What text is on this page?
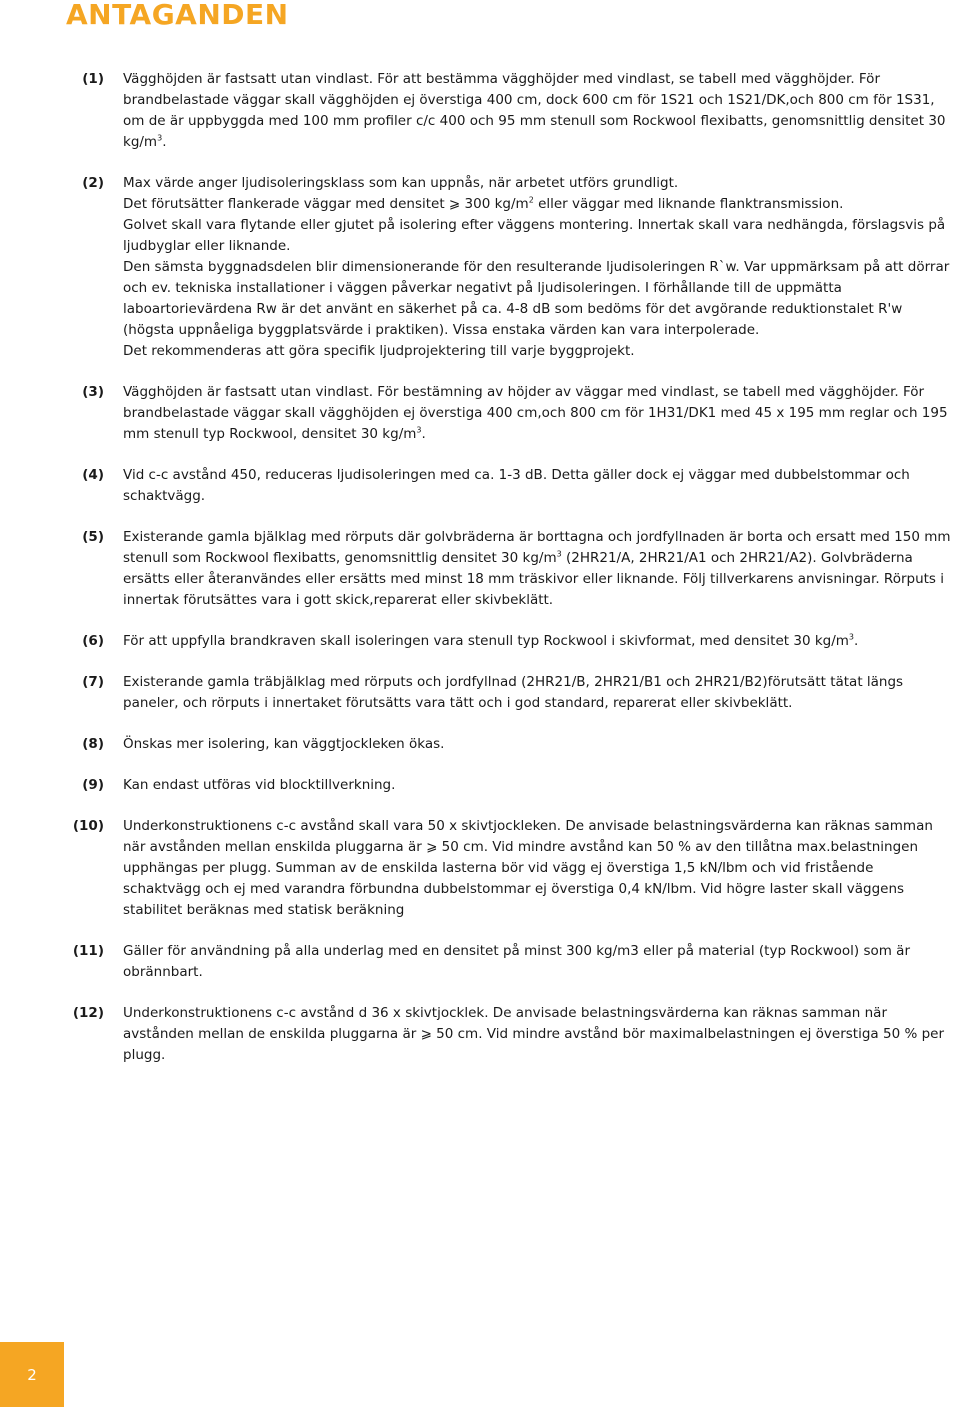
ANTAGANDEN
(1) Vägghöjden är fastsatt utan vindlast. För att bestämma vägghöjder med vindlast, se tabell med vägghöjder. För brandbelastade väggar skall vägghöjden ej överstiga 400 cm, dock 600 cm för 1S21 och 1S21/DK,och 800 cm för 1S31, om de är uppbyggda med 100 mm profiler c/c 400 och 95 mm stenull som Rockwool flexibatts, genomsnittlig densitet 30 $kg/m^3$.

(2) Max värde anger ljudisoleringsklass som kan uppnås, när arbetet utförs grundligt.

Det förutsätter flankerade väggar med densitet ⩾ 300 $kg/m^2$ eller väggar med liknande flanktransmission.

Golvet skall vara flytande eller gjutet på isolering efter väggens montering. Innertak skall vara nedhängda, förslagsvis på ljudbyglar eller liknande.

Den sämsta byggnadsdelen blir dimensionerande för den resulterande ljudisoleringen R`w. Var uppmärksam på att dörrar och ev. tekniska installationer i väggen påverkar negativt på ljudisoleringen. I förhållande till de uppmätta laboartorievärdena Rw är det använt en säkerhet på ca. 4-8 dB som bedöms för det avgörande reduktionstalet R'w (högsta uppnåeliga byggplatsvärde i praktiken). Vissa enstaka värden kan vara interpolerade.

Det rekommenderas att göra specifik ljudprojektering till varje byggprojekt.

(3) Vägghöjden är fastsatt utan vindlast. För bestämning av höjder av väggar med vindlast, se tabell med vägghöjder. För brandbelastade väggar skall vägghöjden ej överstiga 400 cm,och 800 cm för 1H31/DK1 med 45 x 195 mm reglar och 195 mm stenull typ Rockwool, densitet 30 $kg/m^3$.

(4) Vid c-c avstånd 450, reduceras ljudisoleringen med ca. 1-3 dB. Detta gäller dock ej väggar med dubbelstommar och schaktvägg.

(5) Existerande gamla bjälklag med rörputs där golvbräderna är borttagna och jordfyllnaden är borta och ersatt med 150 mm stenull som Rockwool flexibatts, genomsnittlig densitet 30 $kg/m^3$ (2HR21/A, 2HR21/A1 och 2HR21/A2). Golvbräderna ersätts eller återanvändes eller ersätts med minst 18 mm träskivor eller liknande. Följ tillverkarens anvisningar. Rörputs i innertak förutsättes vara i gott skick,reparerat eller skivbeklätt.

(6) För att uppfylla brandkraven skall isoleringen vara stenull typ Rockwool i skivformat, med densitet 30 $kg/m^3$.

(7) Existerande gamla träbjälklag med rörputs och jordfyllnad (2HR21/B, 2HR21/B1 och 2HR21/B2)förutsätt tätat längs paneler, och rörputs i innertaket förutsätts vara tätt och i god standard, reparerat eller skivbeklätt.

(8) Önskas mer isolering, kan väggtjockleken ökas.

(9) Kan endast utföras vid blocktillverkning.

(10) Underkonstruktionens c-c avstånd skall vara 50 x skivtjockleken. De anvisade belastningsvärderna kan räknas samman när avstånden mellan enskilda pluggarna är ⩾ 50 cm. Vid mindre avstånd kan 50 % av den tillåtna max.belastningen upphängas per plugg. Summan av de enskilda lasterna bör vid vägg ej överstiga 1,5 kN/lbm och vid fristående schaktvägg och ej med varandra förbundna dubbelstommar ej överstiga 0,4 kN/lbm. Vid högre laster skall väggens stabilitet beräknas med statisk beräkning

(11) Gäller för användning på alla underlag med en densitet på minst 300 kg/m3 eller på material (typ Rockwool) som är obrännbart.

(12) Underkonstruktionens c-c avstånd d 36 x skivtjocklek. De anvisade belastningsvärderna kan räknas samman när avstånden mellan de enskilda pluggarna är ⩾ 50 cm. Vid mindre avstånd bör maximalbelastningen ej överstiga 50 % per plugg.

2
